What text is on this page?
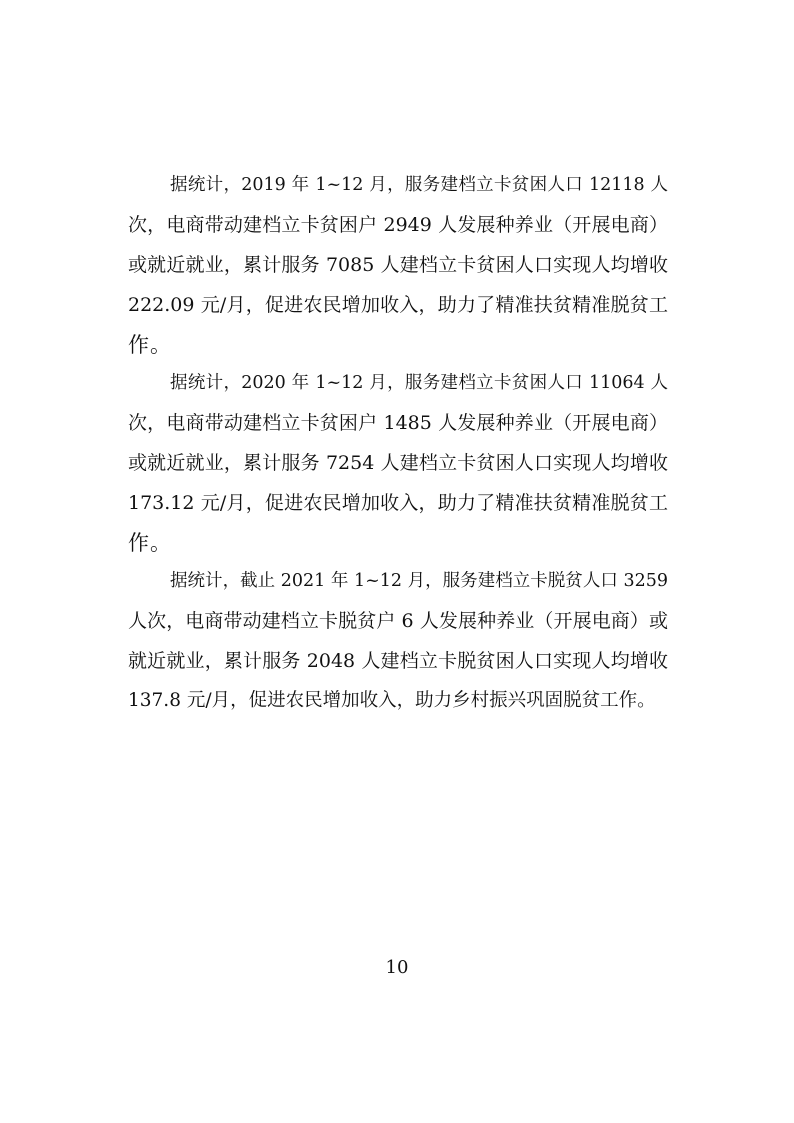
据统计，2019 年 1~12 月，服务建档立卡贫困人口 12118 人
次，电商带动建档立卡贫困户 2949 人发展种养业（开展电商）
或就近就业，累计服务 7085 人建档立卡贫困人口实现人均增收
222.09 元/月，促进农民增加收入，助力了精准扶贫精准脱贫工
作。
据统计，2020 年 1~12 月，服务建档立卡贫困人口 11064 人
次，电商带动建档立卡贫困户 1485 人发展种养业（开展电商）
或就近就业，累计服务 7254 人建档立卡贫困人口实现人均增收
173.12 元/月，促进农民增加收入，助力了精准扶贫精准脱贫工
作。
据统计，截止 2021 年 1~12 月，服务建档立卡脱贫人口 3259
人次，电商带动建档立卡脱贫户 6 人发展种养业（开展电商）或
就近就业，累计服务 2048 人建档立卡脱贫困人口实现人均增收
137.8 元/月，促进农民增加收入，助力乡村振兴巩固脱贫工作。
10
